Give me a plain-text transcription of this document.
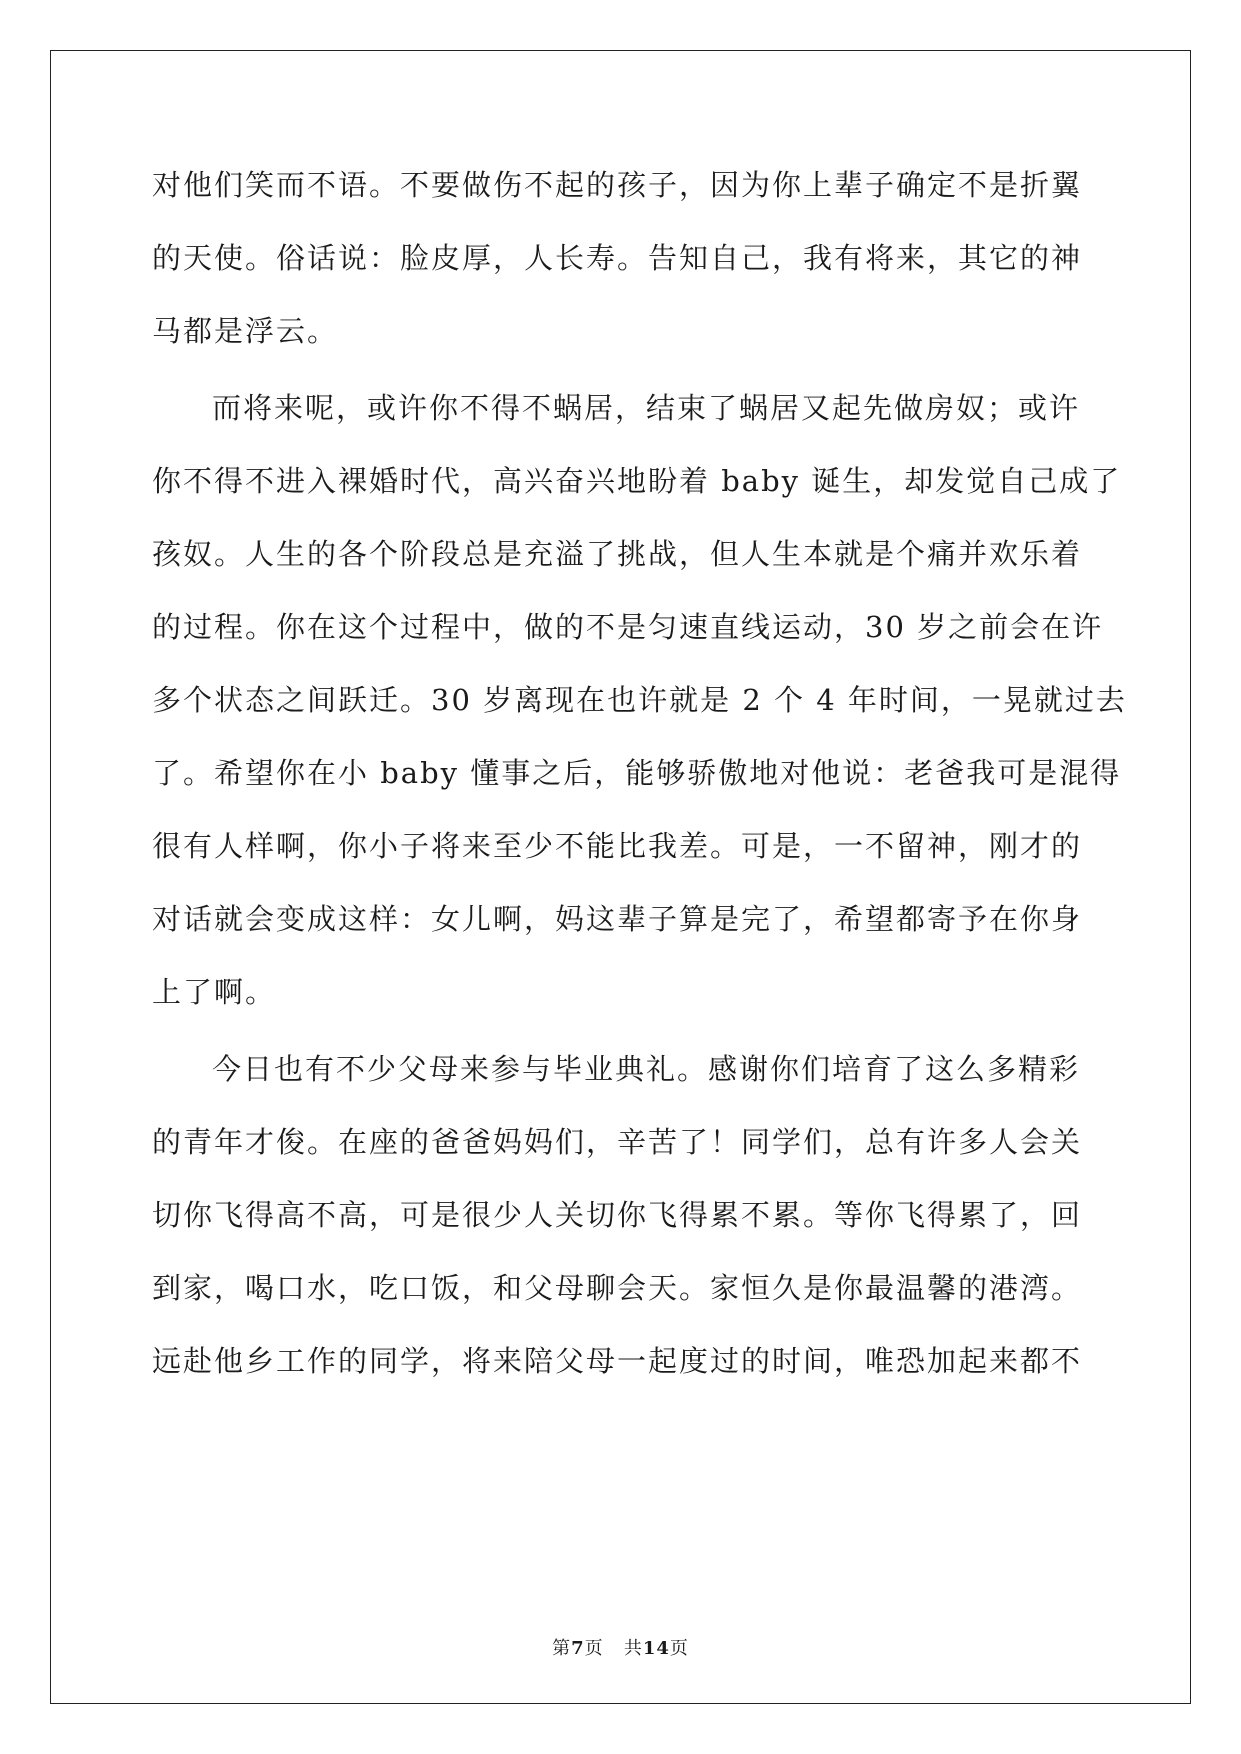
对他们笑而不语。不要做伤不起的孩子，因为你上辈子确定不是折翼
的天使。俗话说：脸皮厚，人长寿。告知自己，我有将来，其它的神
马都是浮云。
而将来呢，或许你不得不蜗居，结束了蜗居又起先做房奴；或许
你不得不进入裸婚时代，高兴奋兴地盼着 baby 诞生，却发觉自己成了
孩奴。人生的各个阶段总是充溢了挑战，但人生本就是个痛并欢乐着
的过程。你在这个过程中，做的不是匀速直线运动，30 岁之前会在许
多个状态之间跃迁。30 岁离现在也许就是 2 个 4 年时间，一晃就过去
了。希望你在小 baby 懂事之后，能够骄傲地对他说：老爸我可是混得
很有人样啊，你小子将来至少不能比我差。可是，一不留神，刚才的
对话就会变成这样：女儿啊，妈这辈子算是完了，希望都寄予在你身
上了啊。
今日也有不少父母来参与毕业典礼。感谢你们培育了这么多精彩
的青年才俊。在座的爸爸妈妈们，辛苦了！同学们，总有许多人会关
切你飞得高不高，可是很少人关切你飞得累不累。等你飞得累了，回
到家，喝口水，吃口饭，和父母聊会天。家恒久是你最温馨的港湾。
远赴他乡工作的同学，将来陪父母一起度过的时间，唯恐加起来都不
第7页 共14页
